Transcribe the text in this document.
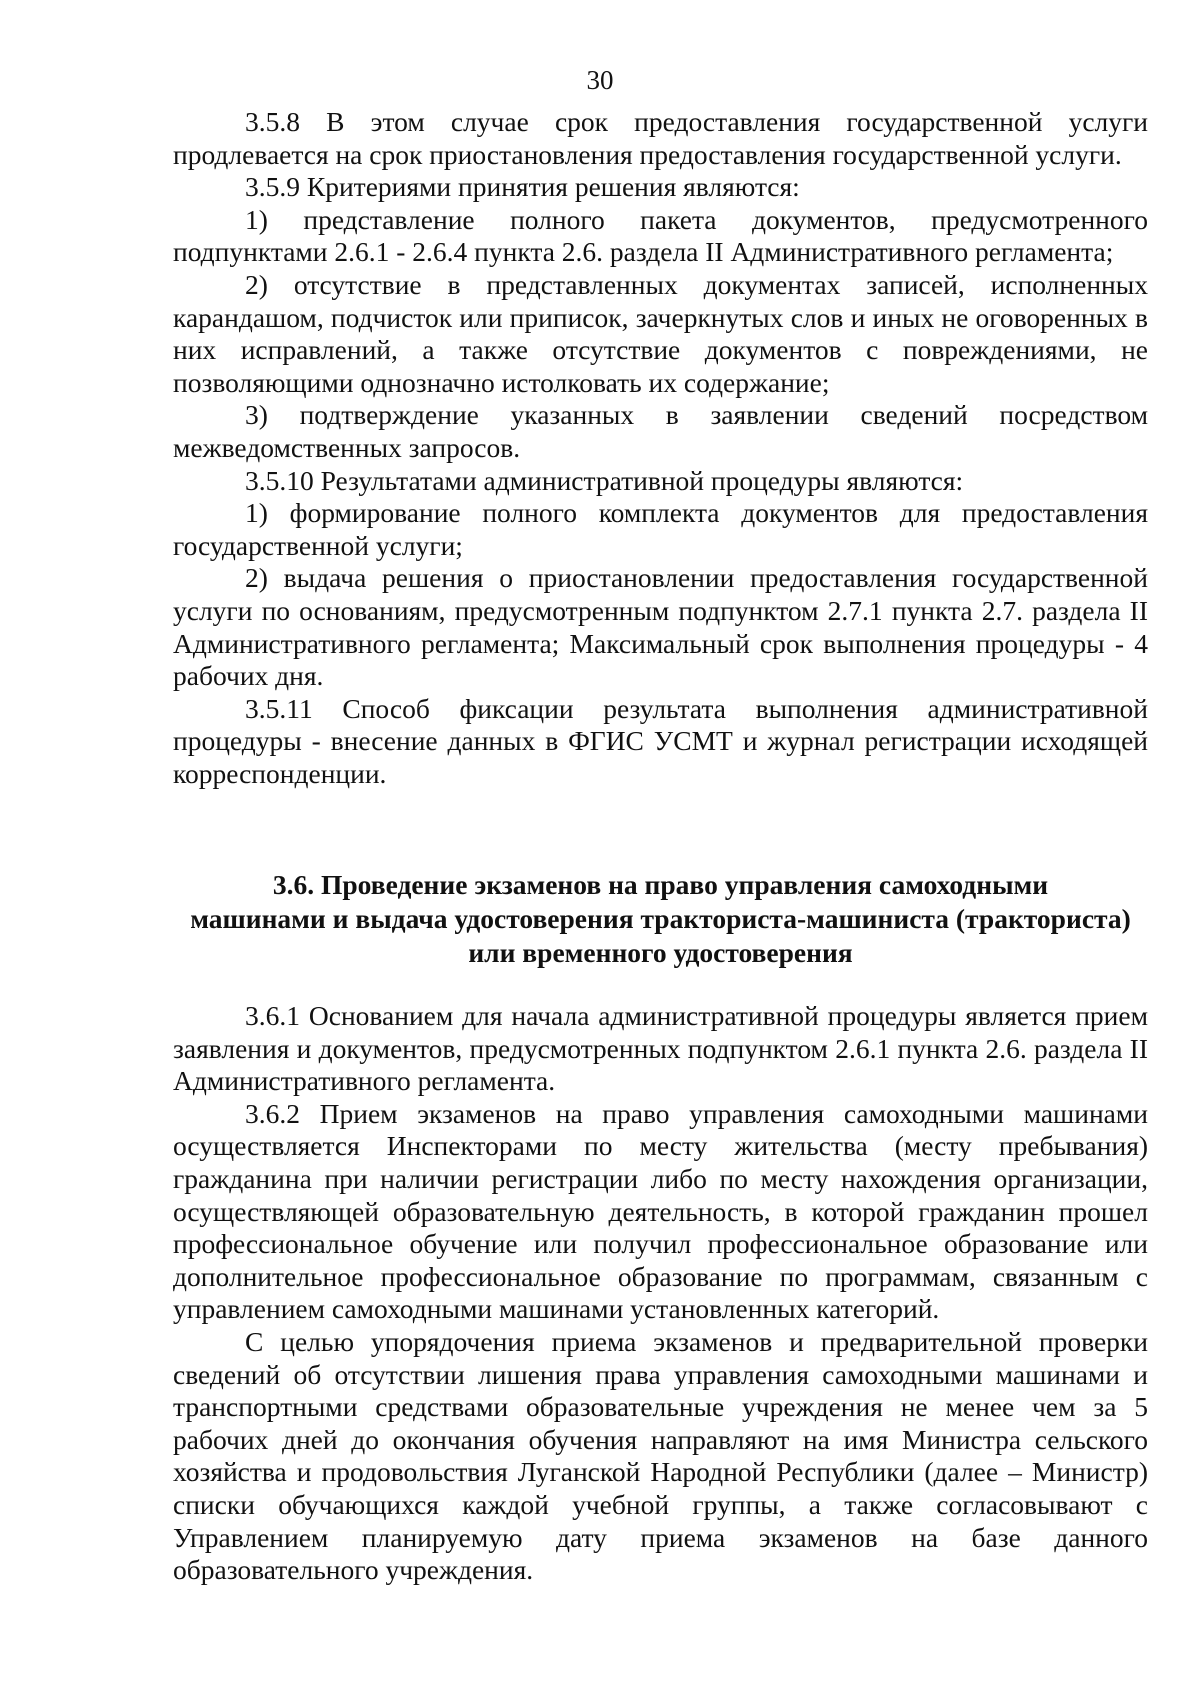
30

3.5.8 В этом случае срок предоставления государственной услуги продлевается на срок приостановления предоставления государственной услуги.

3.5.9 Критериями принятия решения являются:

1) представление полного пакета документов, предусмотренного подпунктами 2.6.1 - 2.6.4 пункта 2.6. раздела II Административного регламента;

2) отсутствие в представленных документах записей, исполненных карандашом, подчисток или приписок, зачеркнутых слов и иных не оговоренных в них исправлений, а также отсутствие документов с повреждениями, не позволяющими однозначно истолковать их содержание;

3) подтверждение указанных в заявлении сведений посредством межведомственных запросов.

3.5.10 Результатами административной процедуры являются:

1) формирование полного комплекта документов для предоставления государственной услуги;

2) выдача решения о приостановлении предоставления государственной услуги по основаниям, предусмотренным подпунктом 2.7.1 пункта 2.7. раздела II Административного регламента; Максимальный срок выполнения процедуры - 4 рабочих дня.

3.5.11 Способ фиксации результата выполнения административной процедуры - внесение данных в ФГИС УСМТ и журнал регистрации исходящей корреспонденции.

3.6. Проведение экзаменов на право управления самоходными
машинами и выдача удостоверения тракториста-машиниста (тракториста)
или временного удостоверения

3.6.1 Основанием для начала административной процедуры является прием заявления и документов, предусмотренных подпунктом 2.6.1 пункта 2.6. раздела II Административного регламента.

3.6.2 Прием экзаменов на право управления самоходными машинами осуществляется Инспекторами по месту жительства (месту пребывания) гражданина при наличии регистрации либо по месту нахождения организации, осуществляющей образовательную деятельность, в которой гражданин прошел профессиональное обучение или получил профессиональное образование или дополнительное профессиональное образование по программам, связанным с управлением самоходными машинами установленных категорий.

С целью упорядочения приема экзаменов и предварительной проверки сведений об отсутствии лишения права управления самоходными машинами и транспортными средствами образовательные учреждения не менее чем за 5 рабочих дней до окончания обучения направляют на имя Министра сельского хозяйства и продовольствия Луганской Народной Республики (далее – Министр) списки обучающихся каждой учебной группы, а также согласовывают с Управлением планируемую дату приема экзаменов на базе данного образовательного учреждения.
